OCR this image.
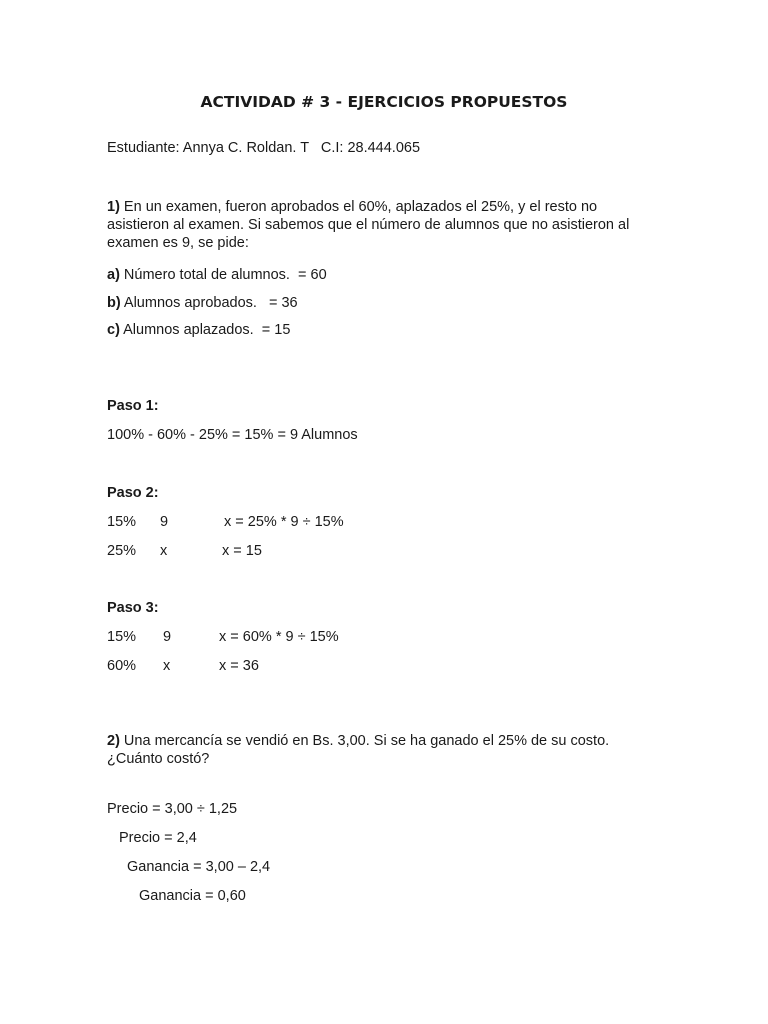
ACTIVIDAD # 3 - EJERCICIOS PROPUESTOS

Estudiante: Annya C. Roldan. T   C.I: 28.444.065

1) En un examen, fueron aprobados el 60%, aplazados el 25%, y el resto no asistieron al examen. Si sabemos que el número de alumnos que no asistieron al examen es 9, se pide:

a) Número total de alumnos.  = 60

b) Alumnos aprobados.   = 36

c) Alumnos aplazados.  = 15

Paso 1:

100% - 60% - 25% = 15% = 9 Alumnos

Paso 2:

15% 9	x = 25% * 9 ÷ 15%

25% x	x = 15

Paso 3:

15% 9	x = 60% * 9 ÷ 15%

60% x	x = 36

2) Una mercancía se vendió en Bs. 3,00. Si se ha ganado el 25% de su costo. ¿Cuánto costó?

Precio = 3,00 ÷ 1,25

Precio = 2,4

Ganancia = 3,00 – 2,4

Ganancia = 0,60
